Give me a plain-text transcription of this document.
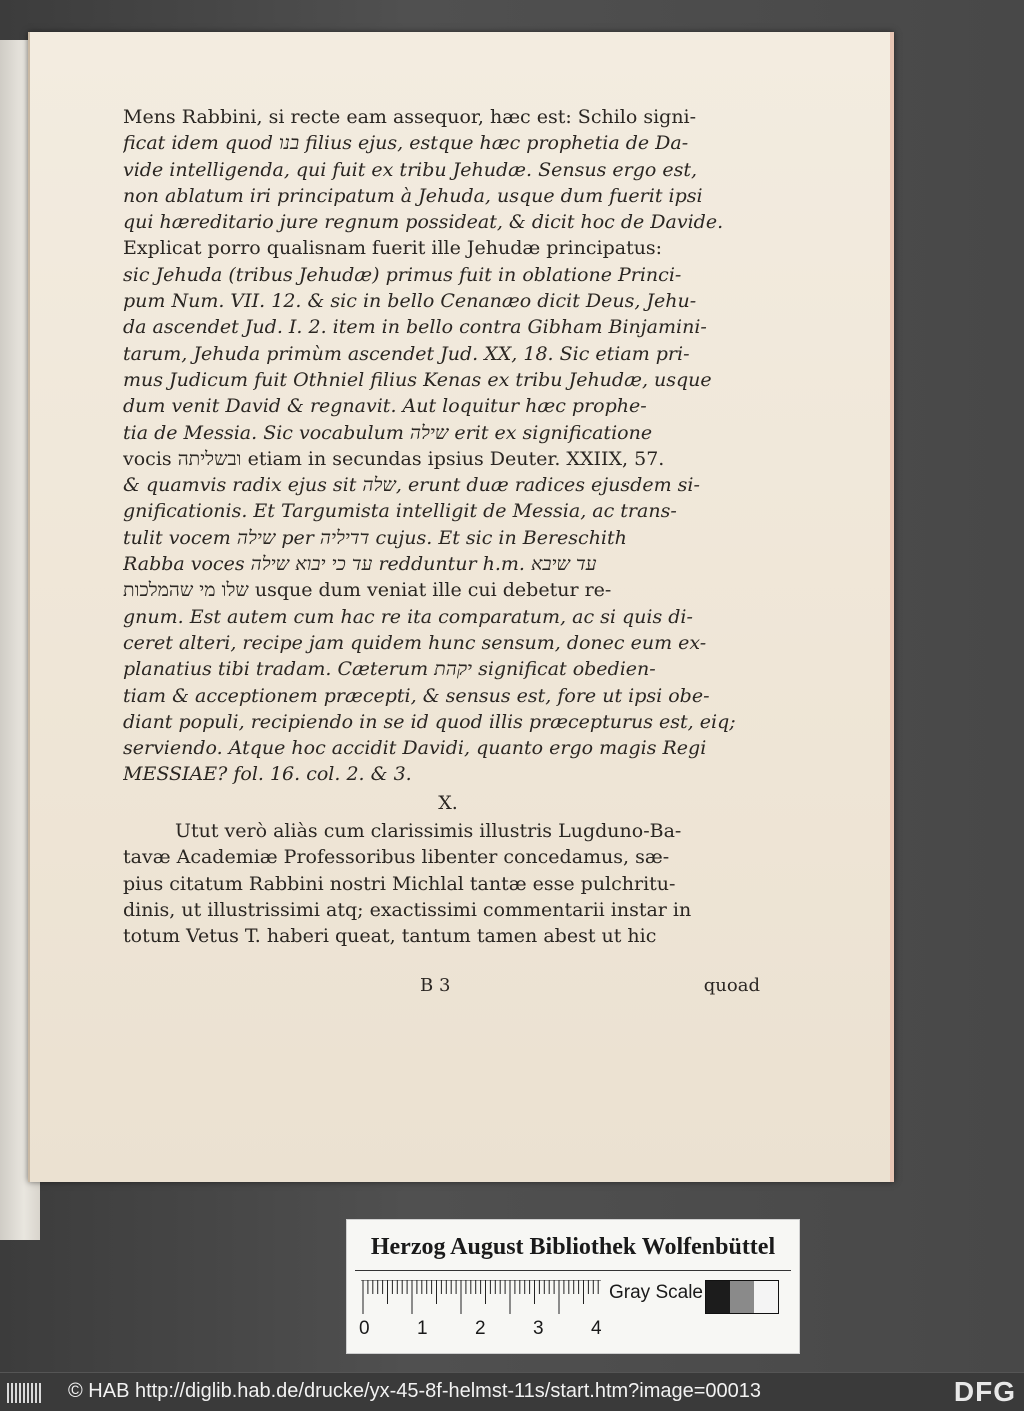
Mens Rabbini, si recte eam assequor, hæc est: Schilo signi-
ficat idem quod בנו filius ejus, estque hæc prophetia de Da-
vide intelligenda, qui fuit ex tribu Jehudæ. Sensus ergo est,
non ablatum iri principatum à Jehuda, usque dum fuerit ipsi
qui hæreditario jure regnum possideat, & dicit hoc de Davide.
Explicat porro qualisnam fuerit ille Jehudæ principatus:
sic Jehuda (tribus Jehudæ) primus fuit in oblatione Princi-
pum Num. VII. 12. & sic in bello Cenanæo dicit Deus, Jehu-
da ascendet Jud. I. 2. item in bello contra Gibham Binjamini-
tarum, Jehuda primùm ascendet Jud. XX, 18. Sic etiam pri-
mus Judicum fuit Othniel filius Kenas ex tribu Jehudæ, usque
dum venit David & regnavit. Aut loquitur hæc prophe-
tia de Messia. Sic vocabulum שילה erit ex significatione
vocis ובשליתה etiam in secundas ipsius Deuter. XXIIX, 57.
& quamvis radix ejus sit שלה, erunt duæ radices ejusdem si-
gnificationis. Et Targumista intelligit de Messia, ac trans-
tulit vocem שילה per דדיליה cujus. Et sic in Bereschith
Rabba voces עד כי יבוא שילה redduntur h.m. עד שיבא
שלו מי שהמלכות usque dum veniat ille cui debetur re-
gnum. Est autem cum hac re ita comparatum, ac si quis di-
ceret alteri, recipe jam quidem hunc sensum, donec eum ex-
planatius tibi tradam. Cæterum יקהת significat obedien-
tiam & acceptionem præcepti, & sensus est, fore ut ipsi obe-
diant populi, recipiendo in se id quod illis præcepturus est, eiq;
serviendo. Atque hoc accidit Davidi, quanto ergo magis Regi
MESSIAE? fol. 16. col. 2. & 3.
X.
Utut verò aliàs cum clarissimis illustris Lugduno-Ba-
tavæ Academiæ Professoribus libenter concedamus, sæ-
pius citatum Rabbini nostri Michlal tantæ esse pulchritu-
dinis, ut illustrissimi atq; exactissimi commentarii instar in
totum Vetus T. haberi queat, tantum tamen abest ut hic
B 3	quoad
Herzog August Bibliothek Wolfenbüttel
0 1 2 3 4
Gray Scale
© HAB http://diglib.hab.de/drucke/yx-45-8f-helmst-11s/start.htm?image=00013	DFG
